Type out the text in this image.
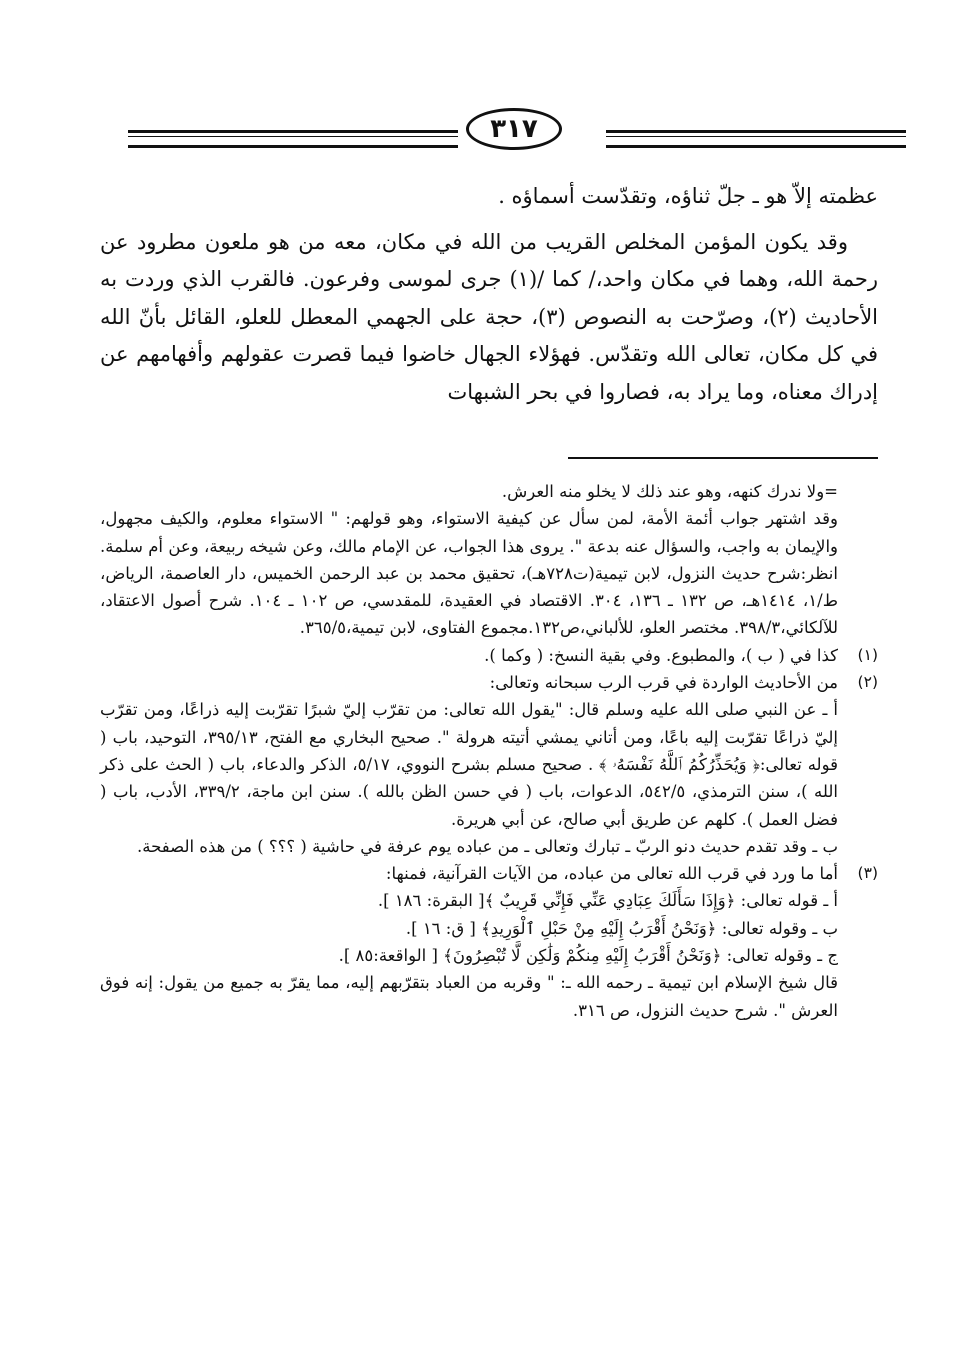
٣١٧

عظمته إلاّ هو ـ جلّ ثناؤه، وتقدّست أسماؤه .

وقد يكون المؤمن المخلص القريب من الله في مكان، معه من هو ملعون مطرود عن رحمة الله، وهما في مكان واحد،/ كما /(١) جرى لموسى وفرعون. فالقرب الذي وردت به الأحاديث (٢)، وصرّحت به النصوص (٣)، حجة على الجهمي المعطل للعلو، القائل بأنّ الله في كل مكان، تعالى الله وتقدّس. فهؤلاء الجهال خاضوا فيما قصرت عقولهم وأفهامهم عن إدراك معناه، وما يراد به، فصاروا في بحر الشبهات

=ولا ندرك كنهه، وهو عند ذلك لا يخلو منه العرش.

وقد اشتهر جواب أئمة الأمة، لمن سأل عن كيفية الاستواء، وهو قولهم: " الاستواء معلوم، والكيف مجهول، والإيمان به واجب، والسؤال عنه بدعة ". يروى هذا الجواب، عن الإمام مالك، وعن شيخه ربيعة، وعن أم سلمة. انظر:شرح حديث النزول، لابن تيمية(ت٧٢٨هـ)، تحقيق محمد بن عبد الرحمن الخميس، دار العاصمة، الرياض، ط/١، ١٤١٤هـ، ص ١٣٢ ـ ١٣٦، ٣٠٤. الاقتصاد في العقيدة، للمقدسي، ص ١٠٢ ـ ١٠٤. شرح أصول الاعتقاد، للآلكائي،٣٩٨/٣. مختصر العلو، للألباني،ص١٣٢.مجموع الفتاوى، لابن تيمية،٣٦٥/٥.

(١)
كذا في ( ب )، والمطبوع. وفي بقية النسخ: ( وكما ).
(٢)
من الأحاديث الواردة في قرب الرب سبحانه وتعالى:

أ ـ عن النبي صلى الله عليه وسلم قال: "يقول الله تعالى: من تقرّب إليّ شبرًا تقرّبت إليه ذراعًا، ومن تقرّب إليّ ذراعًا تقرّبت إليه باعًا، ومن أتاني يمشي أتيته هرولة ". صحيح البخاري مع الفتح، ٣٩٥/١٣، التوحيد، باب ( قوله تعالى:﴿ وَيُحَذِّرُكُمُ ٱللَّهُ نَفْسَهُۥ ﴾ . صحيح مسلم بشرح النووي، ٥/١٧، الذكر والدعاء، باب ( الحث على ذكر الله )، سنن الترمذي، ٥٤٢/٥، الدعوات، باب ( في حسن الظن بالله ). سنن ابن ماجة، ٣٣٩/٢، الأدب، باب ( فضل العمل ). كلهم عن طريق أبي صالح، عن أبي هريرة.

ب ـ وقد تقدم حديث دنو الربّ ـ تبارك وتعالى ـ من عباده يوم عرفة في حاشية ( ؟؟؟ ) من هذه الصفحة.

(٣)
أما ما ورد في قرب الله تعالى من عباده، من الآيات القرآنية، فمنها:

أ ـ قوله تعالى: ﴿وَإِذَا سَأَلَكَ عِبَادِي عَنِّي فَإِنِّي قَرِيبٌ ﴾[ البقرة: ١٨٦ ].

ب ـ وقوله تعالى: ﴿وَنَحْنُ أَقْرَبُ إِلَيْهِ مِنْ حَبْلِ ٱلْوَرِيدِ﴾ [ ق: ١٦ ].

ج ـ وقوله تعالى: ﴿وَنَحْنُ أَقْرَبُ إِلَيْهِ مِنكُمْ وَلَٰكِن لَّا تُبْصِرُونَ﴾ [ الواقعة:٨٥ ].

قال شيخ الإسلام ابن تيمية ـ رحمه الله ـ: " وقربه من العباد بتقرّبهم إليه، مما يقرّ به جميع من يقول: إنه فوق العرش ". شرح حديث النزول، ص ٣١٦.
